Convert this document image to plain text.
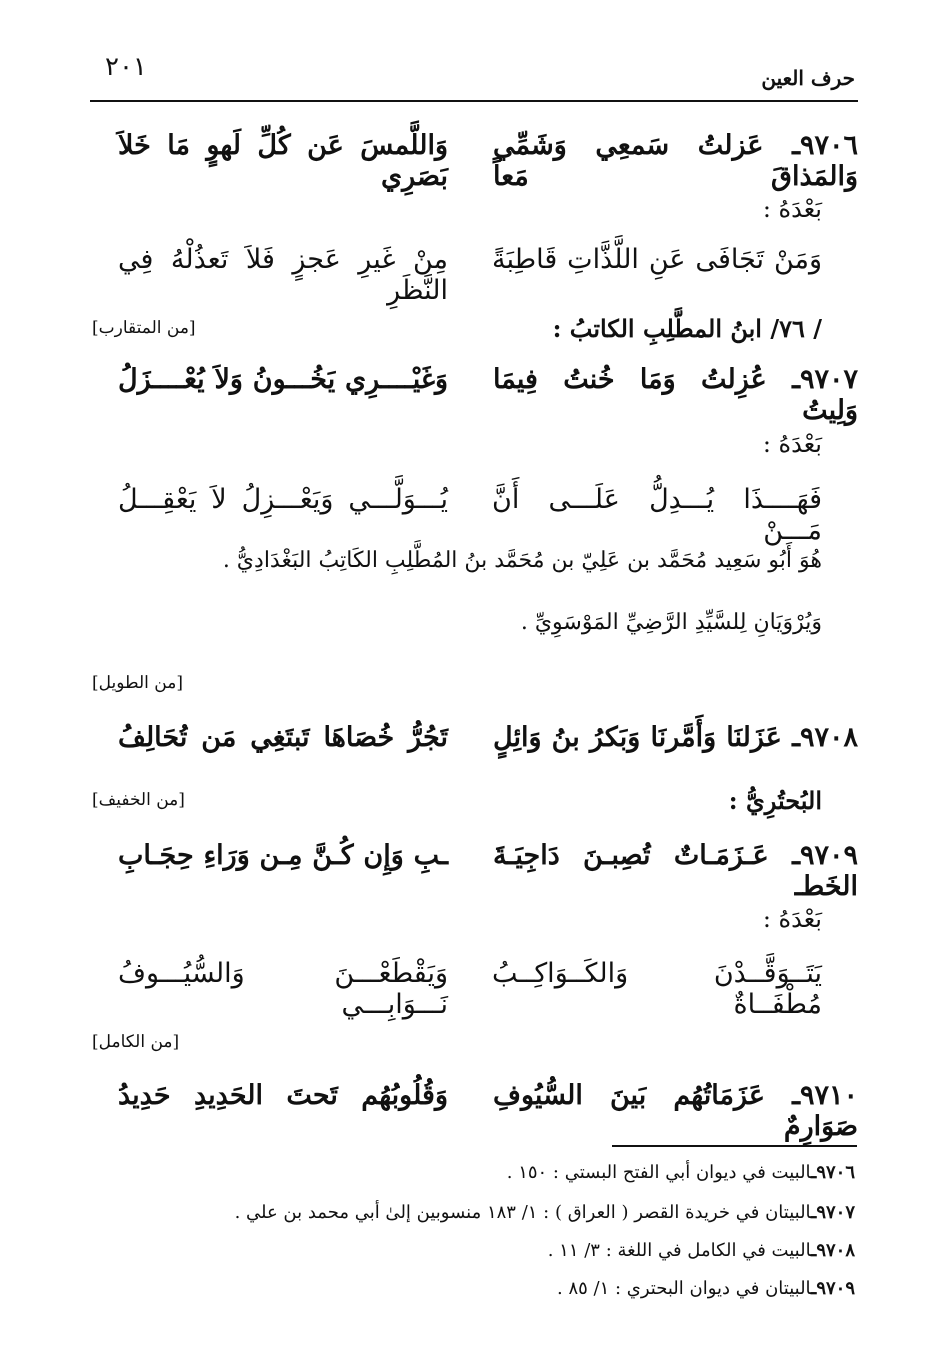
٢٠١	حرف العين
٩٧٠٦ـ عَزلتُ سَمعِي وَشَمِّي وَالمَذاقَ مَعاً
وَاللَّمسَ عَن كُلِّ لَهوٍ مَا خَلاَ بَصَرِي
بَعْدَهُ :
وَمَنْ تَجَافَى عَنِ اللَّذَّاتِ قَاطِبَةً
مِنْ غَيرِ عَجزٍ فَلاَ تَعذُلْهُ فِي النَّظَرِ
/ ٧٦/ ابنُ المطَّلِبِ الكاتبُ :
[من المتقارب]
٩٧٠٧ـ عُزِلتُ وَمَا خُنتُ فِيمَا وَلِيتُ
وَغَيْــــرِي يَخُـــونُ وَلاَ يُعْــــزَلُ
بَعْدَهُ :
فَهَــــذَا يُـــدِلُّ عَلَـــى أَنَّ مَـــنْ
يُـــوَلَّـــي وَيَعْـــزِلُ لاَ يَعْقِـــلُ
هُوَ أَبُو سَعِيد مُحَمَّد بن عَلِيّ بن مُحَمَّد بنُ المُطَّلِبِ الكَاتِبُ البَغْدَادِيُّ .
وَيُرْوَيَانِ لِلسَّيِّدِ الرَّضِيِّ المَوْسَوِيِّ .
[من الطويل]
٩٧٠٨ـ عَزَلنَا وَأَمَّرنَا وَبَكرُ بنُ وَائِلٍ
تَجُرُّ خُصَاهَا تَبتَغِي مَن تُحَالِفُ
البُحتُرِيُّ :
[من الخفيف]
٩٧٠٩ـ عَـزَمَـاتٌ تُصِبـنَ دَاجِيَـةَ الخَطـ
ـبِ وَإِن كُـنَّ مِـن وَرَاءِ حِجَـابِ
بَعْدَهُ :
يَتَــوَقَّــدْنَ وَالكَــوَاكِــبُ مُطْفَــاةٌ
وَيَقْطَعْـــنَ وَالسُّيُـــوفُ نَـــوَابِـــي
[من الكامل]
٩٧١٠ـ عَزَمَاتُهُم بَينَ السُّيُوفِ صَوَارِمٌ
وَقُلُوبُهُم تَحتَ الحَدِيدِ حَدِيدُ
٩٧٠٦ـالبيت في ديوان أبي الفتح البستي : ١٥٠ .
٩٧٠٧ـالبيتان في خريدة القصر ( العراق ) : ١/ ١٨٣ منسوبين إلىٰ أبي محمد بن علي .
٩٧٠٨ـالبيت في الكامل في اللغة : ٣/ ١١ .
٩٧٠٩ـالبيتان في ديوان البحتري : ١/ ٨٥ .
